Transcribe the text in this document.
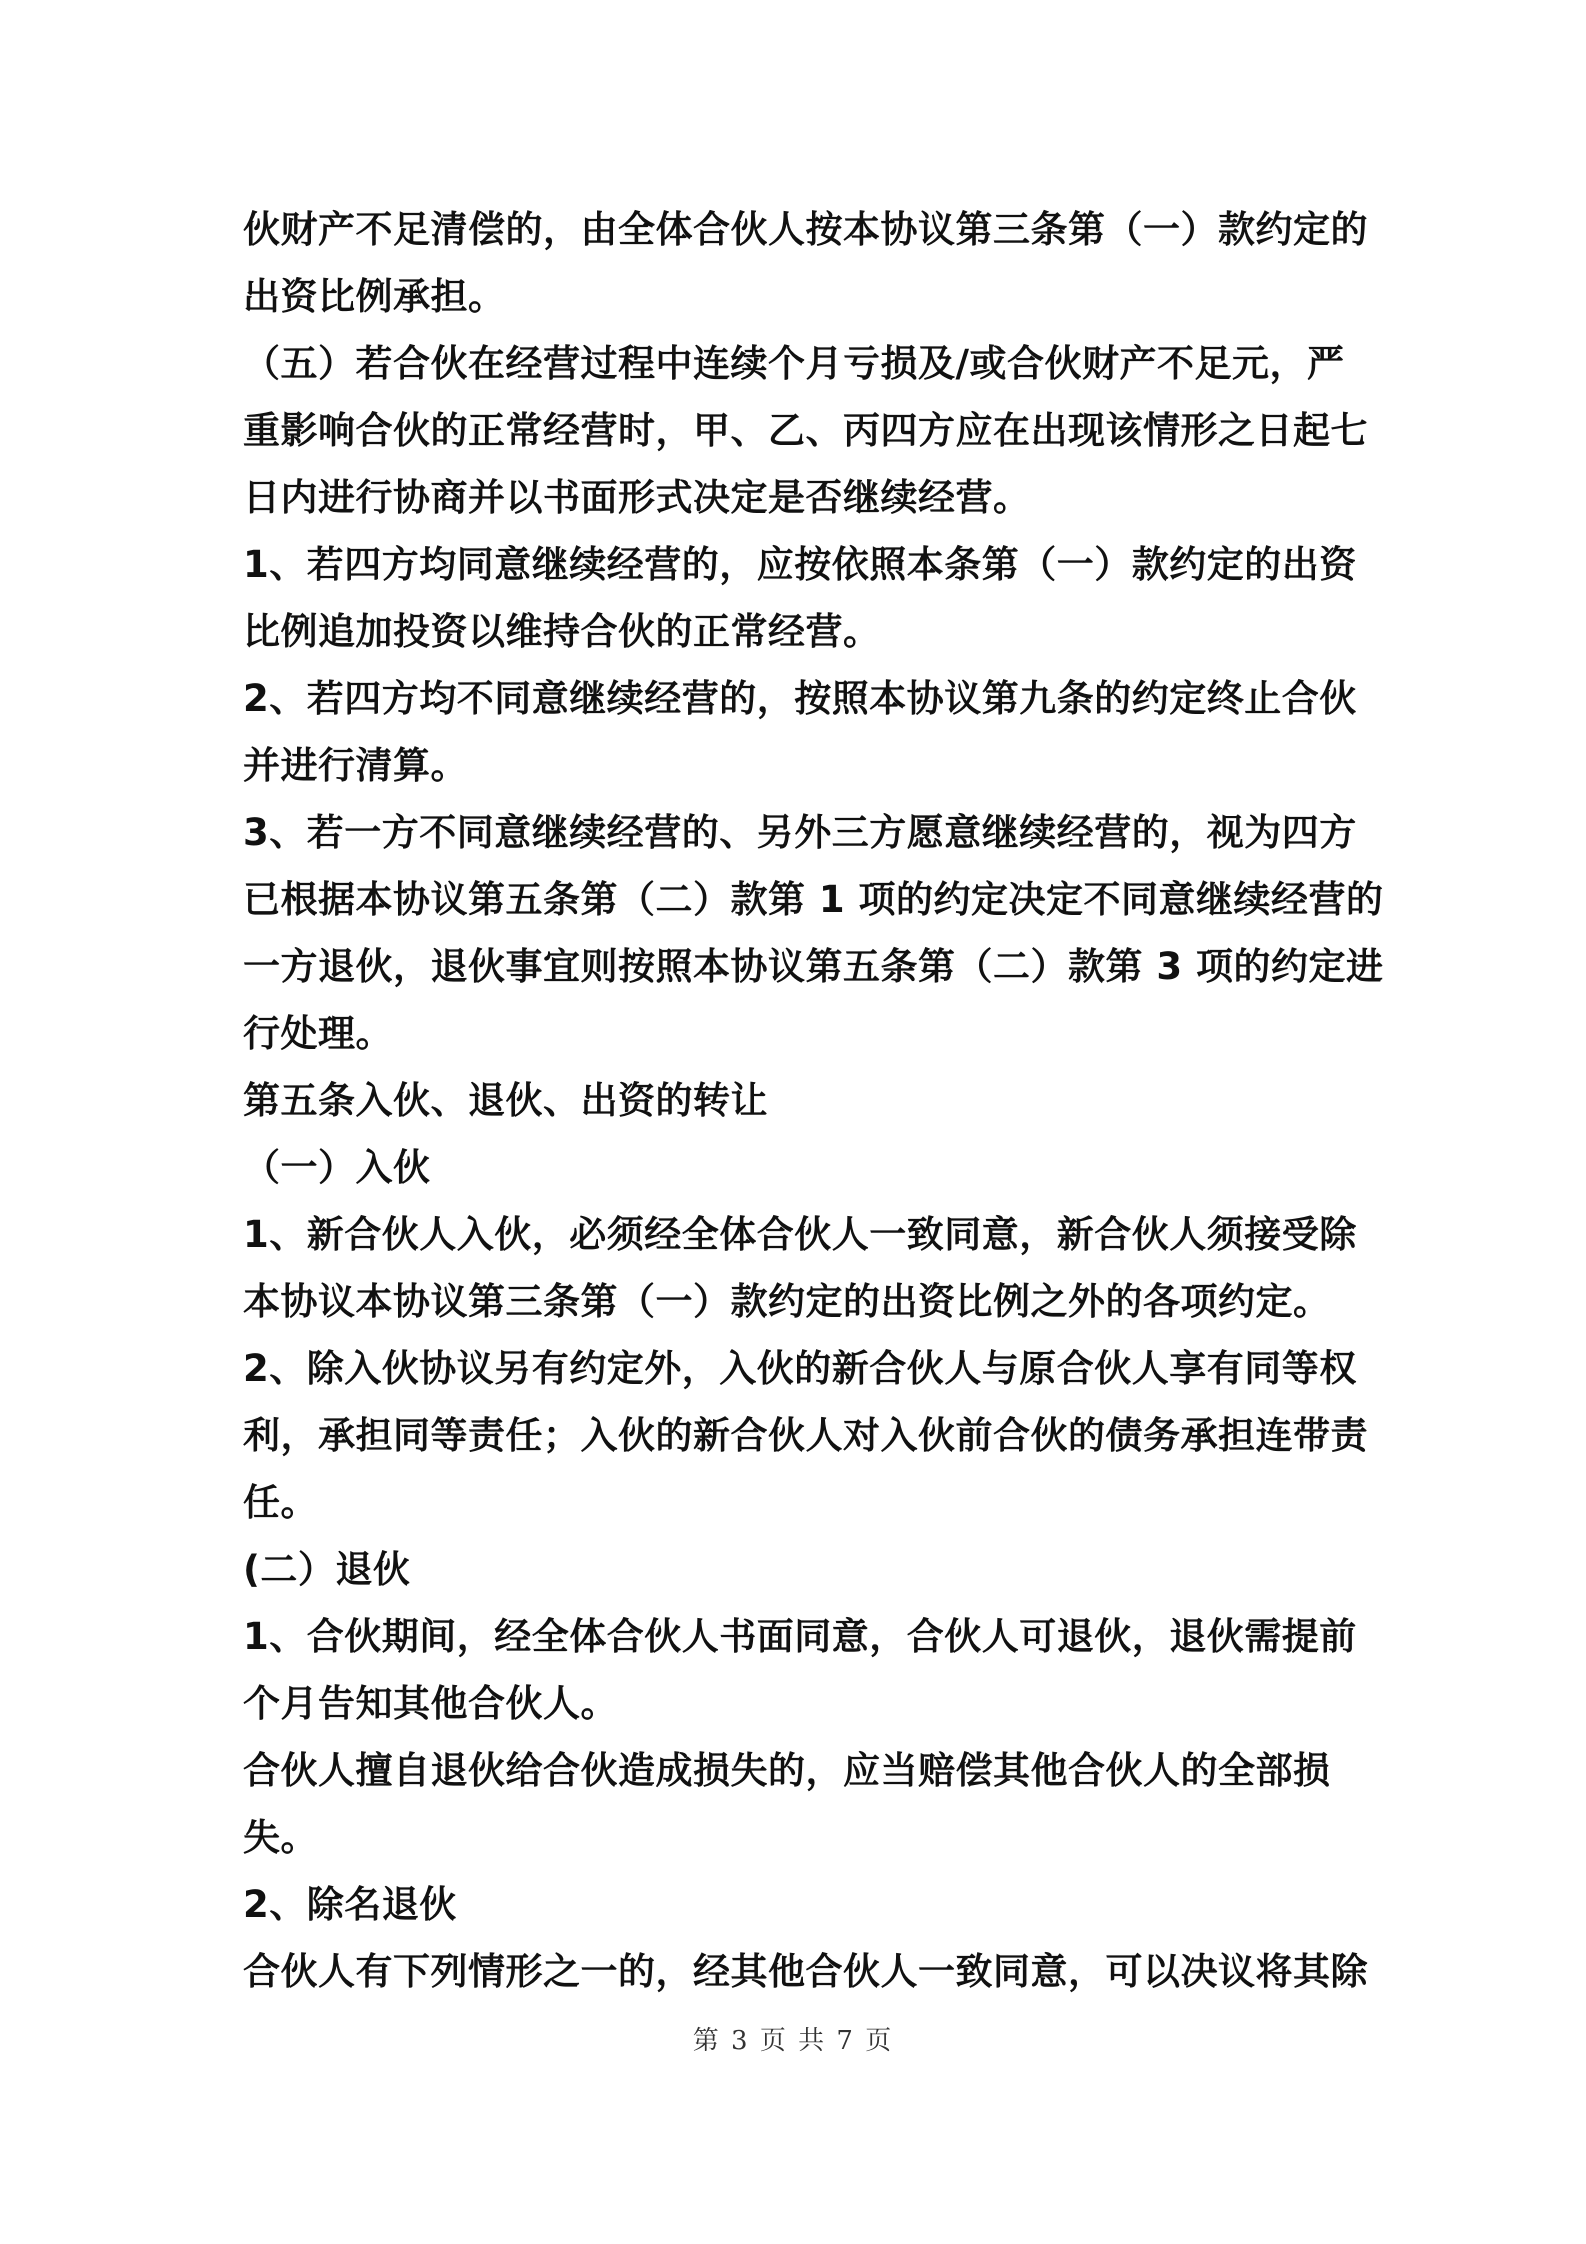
伙财产不足清偿的，由全体合伙人按本协议第三条第（一）款约定的
出资比例承担。
（五）若合伙在经营过程中连续个月亏损及/或合伙财产不足元，严
重影响合伙的正常经营时，甲、乙、丙四方应在出现该情形之日起七
日内进行协商并以书面形式决定是否继续经营。
1、若四方均同意继续经营的，应按依照本条第（一）款约定的出资
比例追加投资以维持合伙的正常经营。
2、若四方均不同意继续经营的，按照本协议第九条的约定终止合伙
并进行清算。
3、若一方不同意继续经营的、另外三方愿意继续经营的，视为四方
已根据本协议第五条第（二）款第 1 项的约定决定不同意继续经营的
一方退伙，退伙事宜则按照本协议第五条第（二）款第 3 项的约定进
行处理。
第五条入伙、退伙、出资的转让
（一）入伙
1、新合伙人入伙，必须经全体合伙人一致同意，新合伙人须接受除
本协议本协议第三条第（一）款约定的出资比例之外的各项约定。
2、除入伙协议另有约定外，入伙的新合伙人与原合伙人享有同等权
利，承担同等责任；入伙的新合伙人对入伙前合伙的债务承担连带责
任。
(二）退伙
1、合伙期间，经全体合伙人书面同意，合伙人可退伙，退伙需提前
个月告知其他合伙人。
合伙人擅自退伙给合伙造成损失的，应当赔偿其他合伙人的全部损
失。
2、除名退伙
合伙人有下列情形之一的，经其他合伙人一致同意，可以决议将其除
第 3 页 共 7 页
